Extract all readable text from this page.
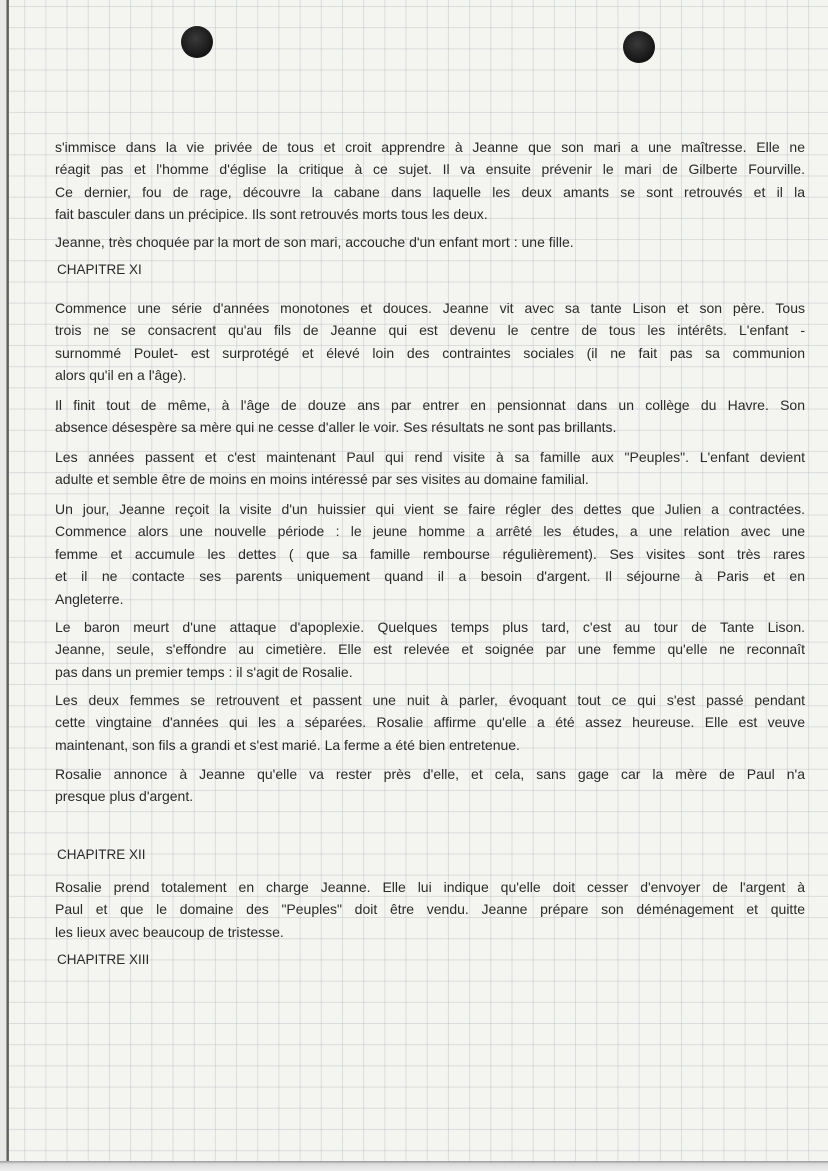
s'immisce dans la vie privée de tous et croit apprendre à Jeanne que son mari a une maîtresse. Elle ne
réagit pas et l'homme d'église la critique à ce sujet. Il va ensuite prévenir le mari de Gilberte Fourville.
Ce dernier, fou de rage, découvre la cabane dans laquelle les deux amants se sont retrouvés et il la
fait basculer dans un précipice. Ils sont retrouvés morts tous les deux.
Jeanne, très choquée par la mort de son mari, accouche d'un enfant mort : une fille.
CHAPITRE XI
Commence une série d'années monotones et douces. Jeanne vit avec sa tante Lison et son père. Tous
trois ne se consacrent qu'au fils de Jeanne qui est devenu le centre de tous les intérêts. L'enfant -
surnommé Poulet- est surprotégé et élevé loin des contraintes sociales (il ne fait pas sa communion
alors qu'il en a l'âge).
Il finit tout de même, à l'âge de douze ans par entrer en pensionnat dans un collège du Havre. Son
absence désespère sa mère qui ne cesse d'aller le voir. Ses résultats ne sont pas brillants.
Les années passent et c'est maintenant Paul qui rend visite à sa famille aux "Peuples". L'enfant devient
adulte et semble être de moins en moins intéressé par ses visites au domaine familial.
Un jour, Jeanne reçoit la visite d'un huissier qui vient se faire régler des dettes que Julien a contractées.
Commence alors une nouvelle période : le jeune homme a arrêté les études, a une relation avec une
femme et accumule les dettes ( que sa famille rembourse régulièrement). Ses visites sont très rares
et il ne contacte ses parents uniquement quand il a besoin d'argent. Il séjourne à Paris et en
Angleterre.
Le baron meurt d'une attaque d'apoplexie. Quelques temps plus tard, c'est au tour de Tante Lison.
Jeanne, seule, s'effondre au cimetière. Elle est relevée et soignée par une femme qu'elle ne reconnaît
pas dans un premier temps : il s'agit de Rosalie.
Les deux femmes se retrouvent et passent une nuit à parler, évoquant tout ce qui s'est passé pendant
cette vingtaine d'années qui les a séparées. Rosalie affirme qu'elle a été assez heureuse. Elle est veuve
maintenant, son fils a grandi et s'est marié. La ferme a été bien entretenue.
Rosalie annonce à Jeanne qu'elle va rester près d'elle, et cela, sans gage car la mère de Paul n'a
presque plus d'argent.
CHAPITRE XII
Rosalie prend totalement en charge Jeanne. Elle lui indique qu'elle doit cesser d'envoyer de l'argent à
Paul et que le domaine des "Peuples" doit être vendu. Jeanne prépare son déménagement et quitte
les lieux avec beaucoup de tristesse.
CHAPITRE XIII
